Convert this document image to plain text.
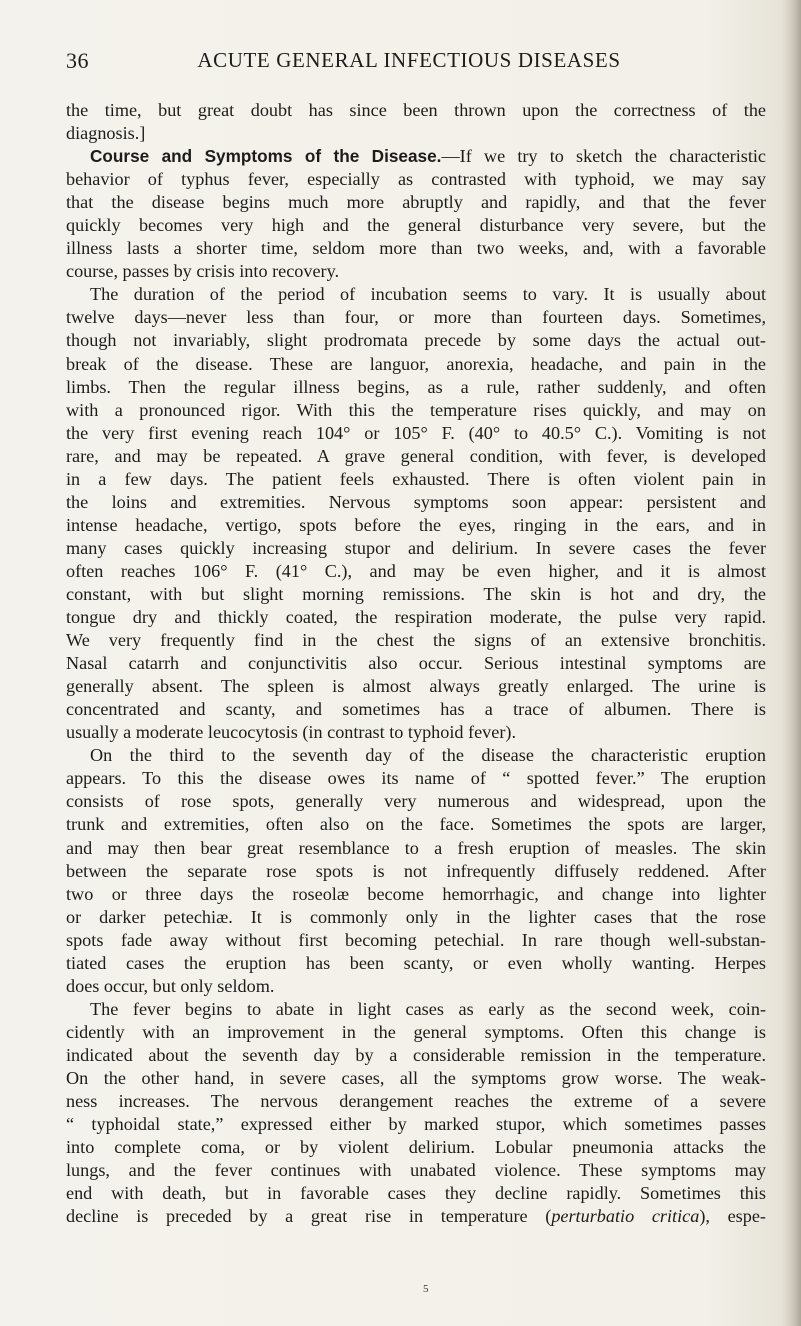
36	ACUTE GENERAL INFECTIOUS DISEASES
the time, but great doubt has since been thrown upon the correctness of the
diagnosis.]
Course and Symptoms of the Disease.—If we try to sketch the characteristic
behavior of typhus fever, especially as contrasted with typhoid, we may say
that the disease begins much more abruptly and rapidly, and that the fever
quickly becomes very high and the general disturbance very severe, but the
illness lasts a shorter time, seldom more than two weeks, and, with a favorable
course, passes by crisis into recovery.
The duration of the period of incubation seems to vary. It is usually about
twelve days—never less than four, or more than fourteen days. Sometimes,
though not invariably, slight prodromata precede by some days the actual out-
break of the disease. These are languor, anorexia, headache, and pain in the
limbs. Then the regular illness begins, as a rule, rather suddenly, and often
with a pronounced rigor. With this the temperature rises quickly, and may on
the very first evening reach 104° or 105° F. (40° to 40.5° C.). Vomiting is not
rare, and may be repeated. A grave general condition, with fever, is developed
in a few days. The patient feels exhausted. There is often violent pain in
the loins and extremities. Nervous symptoms soon appear: persistent and
intense headache, vertigo, spots before the eyes, ringing in the ears, and in
many cases quickly increasing stupor and delirium. In severe cases the fever
often reaches 106° F. (41° C.), and may be even higher, and it is almost
constant, with but slight morning remissions. The skin is hot and dry, the
tongue dry and thickly coated, the respiration moderate, the pulse very rapid.
We very frequently find in the chest the signs of an extensive bronchitis.
Nasal catarrh and conjunctivitis also occur. Serious intestinal symptoms are
generally absent. The spleen is almost always greatly enlarged. The urine is
concentrated and scanty, and sometimes has a trace of albumen. There is
usually a moderate leucocytosis (in contrast to typhoid fever).
On the third to the seventh day of the disease the characteristic eruption
appears. To this the disease owes its name of “ spotted fever.” The eruption
consists of rose spots, generally very numerous and widespread, upon the
trunk and extremities, often also on the face. Sometimes the spots are larger,
and may then bear great resemblance to a fresh eruption of measles. The skin
between the separate rose spots is not infrequently diffusely reddened. After
two or three days the roseolæ become hemorrhagic, and change into lighter
or darker petechiæ. It is commonly only in the lighter cases that the rose
spots fade away without first becoming petechial. In rare though well-substan-
tiated cases the eruption has been scanty, or even wholly wanting. Herpes
does occur, but only seldom.
The fever begins to abate in light cases as early as the second week, coin-
cidently with an improvement in the general symptoms. Often this change is
indicated about the seventh day by a considerable remission in the temperature.
On the other hand, in severe cases, all the symptoms grow worse. The weak-
ness increases. The nervous derangement reaches the extreme of a severe
“ typhoidal state,” expressed either by marked stupor, which sometimes passes
into complete coma, or by violent delirium. Lobular pneumonia attacks the
lungs, and the fever continues with unabated violence. These symptoms may
end with death, but in favorable cases they decline rapidly. Sometimes this
decline is preceded by a great rise in temperature (perturbatio critica), espe-
5
